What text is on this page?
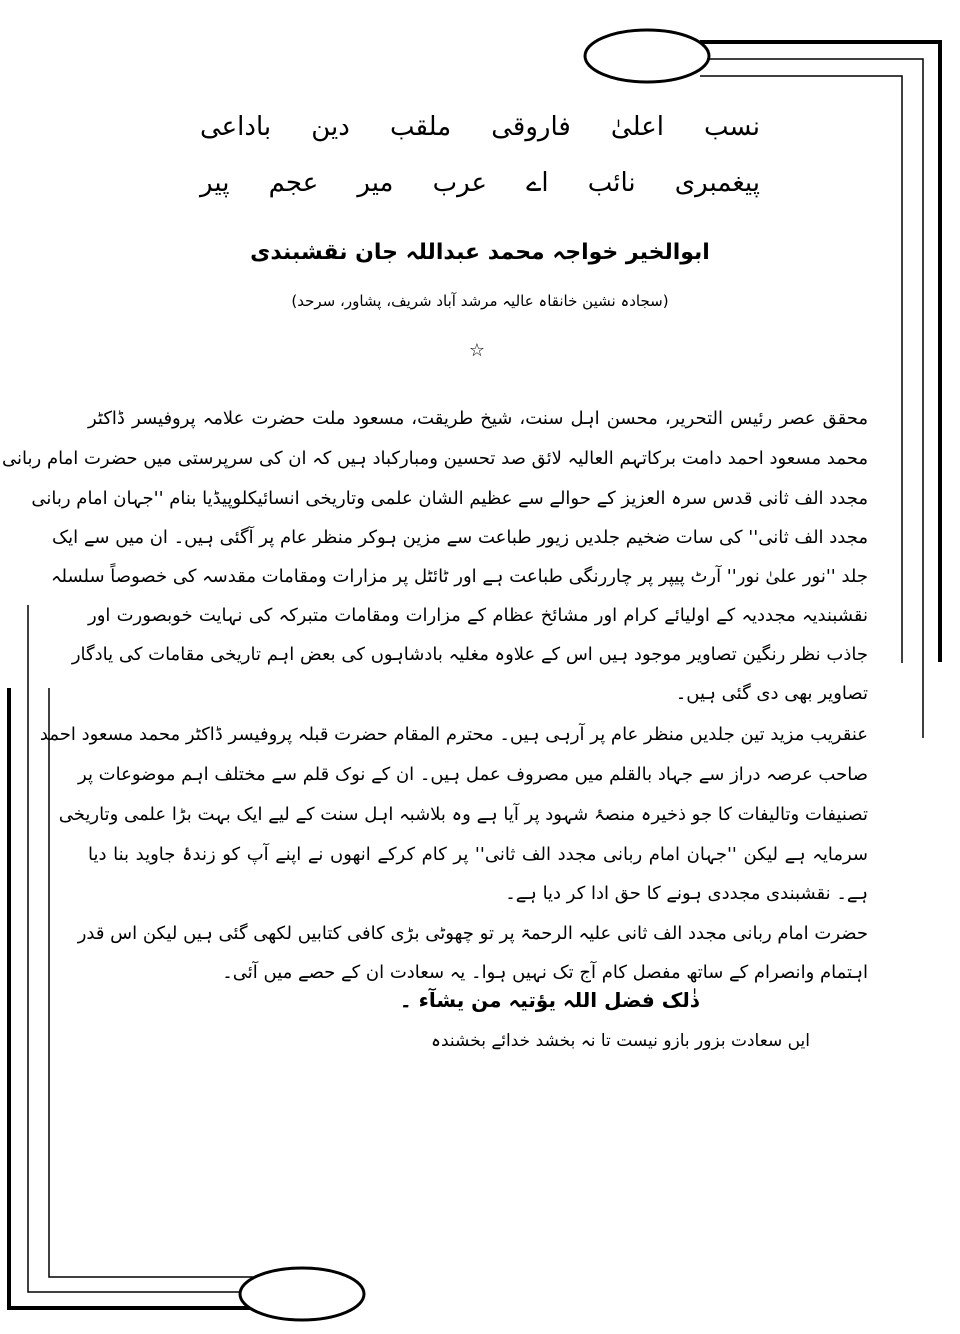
نسب
اعلیٰ
فاروقی
ملقب
دین
باداعی
پیغمبری
نائب
اے
عرب
میر
عجم
پیر
ابوالخیر خواجہ محمد عبداللہ جان نقشبندی
(سجادہ نشین خانقاہ عالیہ مرشد آباد شریف، پشاور، سرحد)
☆
محقق عصر رئیس التحریر، محسن اہل سنت، شیخ طریقت، مسعود ملت حضرت علامہ پروفیسر ڈاکٹر
محمد مسعود احمد دامت برکاتہم العالیہ لائق صد تحسین ومبارکباد ہیں کہ ان کی سرپرستی میں حضرت امام ربانی
مجدد الف ثانی قدس سرہ العزیز کے حوالے سے عظیم الشان علمی وتاریخی انسائیکلوپیڈیا بنام ''جہان امام ربانی
مجدد الف ثانی'' کی سات ضخیم جلدیں زیور طباعت سے مزین ہوکر منظر عام پر آگئی ہیں۔ ان میں سے ایک
جلد ''نور علیٰ نور'' آرٹ پیپر پر چاررنگی طباعت ہے اور ٹائٹل پر مزارات ومقامات مقدسہ کی خصوصاً سلسلہ
نقشبندیہ مجددیہ کے اولیائے کرام اور مشائخ عظام کے مزارات ومقامات متبرکہ کی نہایت خوبصورت اور
جاذب نظر رنگین تصاویر موجود ہیں اس کے علاوہ مغلیہ بادشاہوں کی بعض اہم تاریخی مقامات کی یادگار
تصاویر بھی دی گئی ہیں۔
عنقریب مزید تین جلدیں منظر عام پر آرہی ہیں۔ محترم المقام حضرت قبلہ پروفیسر ڈاکٹر محمد مسعود احمد
صاحب عرصہ دراز سے جہاد بالقلم میں مصروف عمل ہیں۔ ان کے نوک قلم سے مختلف اہم موضوعات پر
تصنیفات وتالیفات کا جو ذخیرہ منصۂ شہود پر آیا ہے وہ بلاشبہ اہل سنت کے لیے ایک بہت بڑا علمی وتاریخی
سرمایہ ہے لیکن ''جہان امام ربانی مجدد الف ثانی'' پر کام کرکے انھوں نے اپنے آپ کو زندۂ جاوید بنا دیا
ہے۔ نقشبندی مجددی ہونے کا حق ادا کر دیا ہے۔
حضرت امام ربانی مجدد الف ثانی علیہ الرحمۃ پر تو چھوٹی بڑی کافی کتابیں لکھی گئی ہیں لیکن اس قدر
اہتمام وانصرام کے ساتھ مفصل کام آج تک نہیں ہوا۔ یہ سعادت ان کے حصے میں آئی۔
ذٰلک فضل اللہ یؤتیہ من یشآء ۔
ایں سعادت بزور بازو نیست تا نہ بخشد خدائے بخشندہ
